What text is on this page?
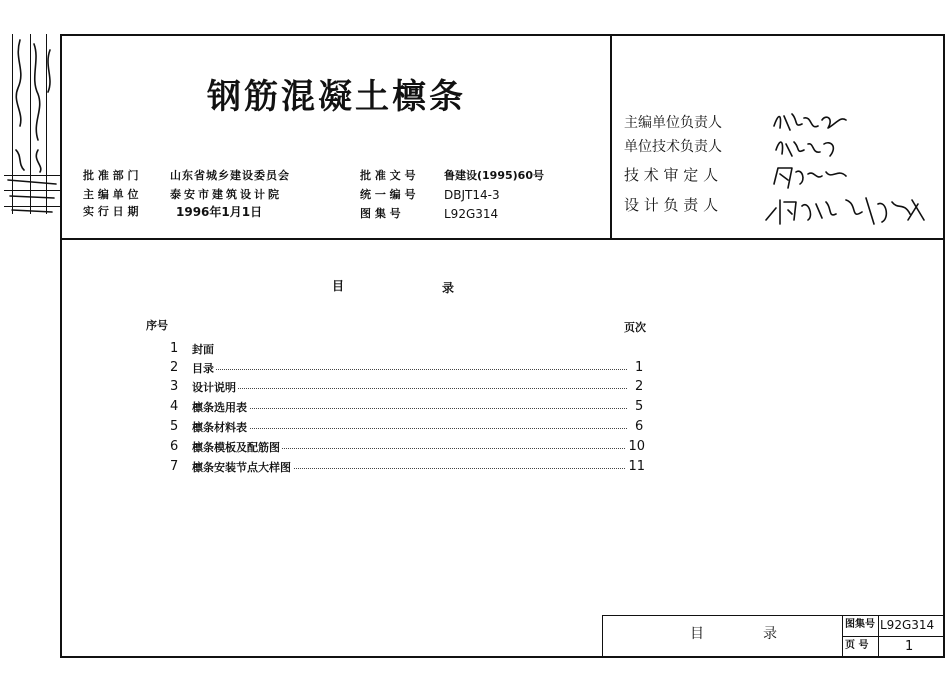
钢筋混凝土檩条
批 准 部 门	山东省城乡建设委员会
主 编 单 位	泰安市建筑设计院
实 行 日 期	1996年1月1日
批 准 文 号	鲁建设(1995)60号
统 一 编 号 DBJT14-3
图 集 号	L92G314
主编单位负责人
单位技术负责人
技 术 审 定 人
设 计 负 责 人
目	录
序号	页次
1	封面
2	目录	1
3	设计说明	2
4	檩条选用表	5
5	檩条材料表	6
6	檩条模板及配筋图	10
7	檩条安装节点大样图	11
目	录
图集号 L92G314
页 号	1
